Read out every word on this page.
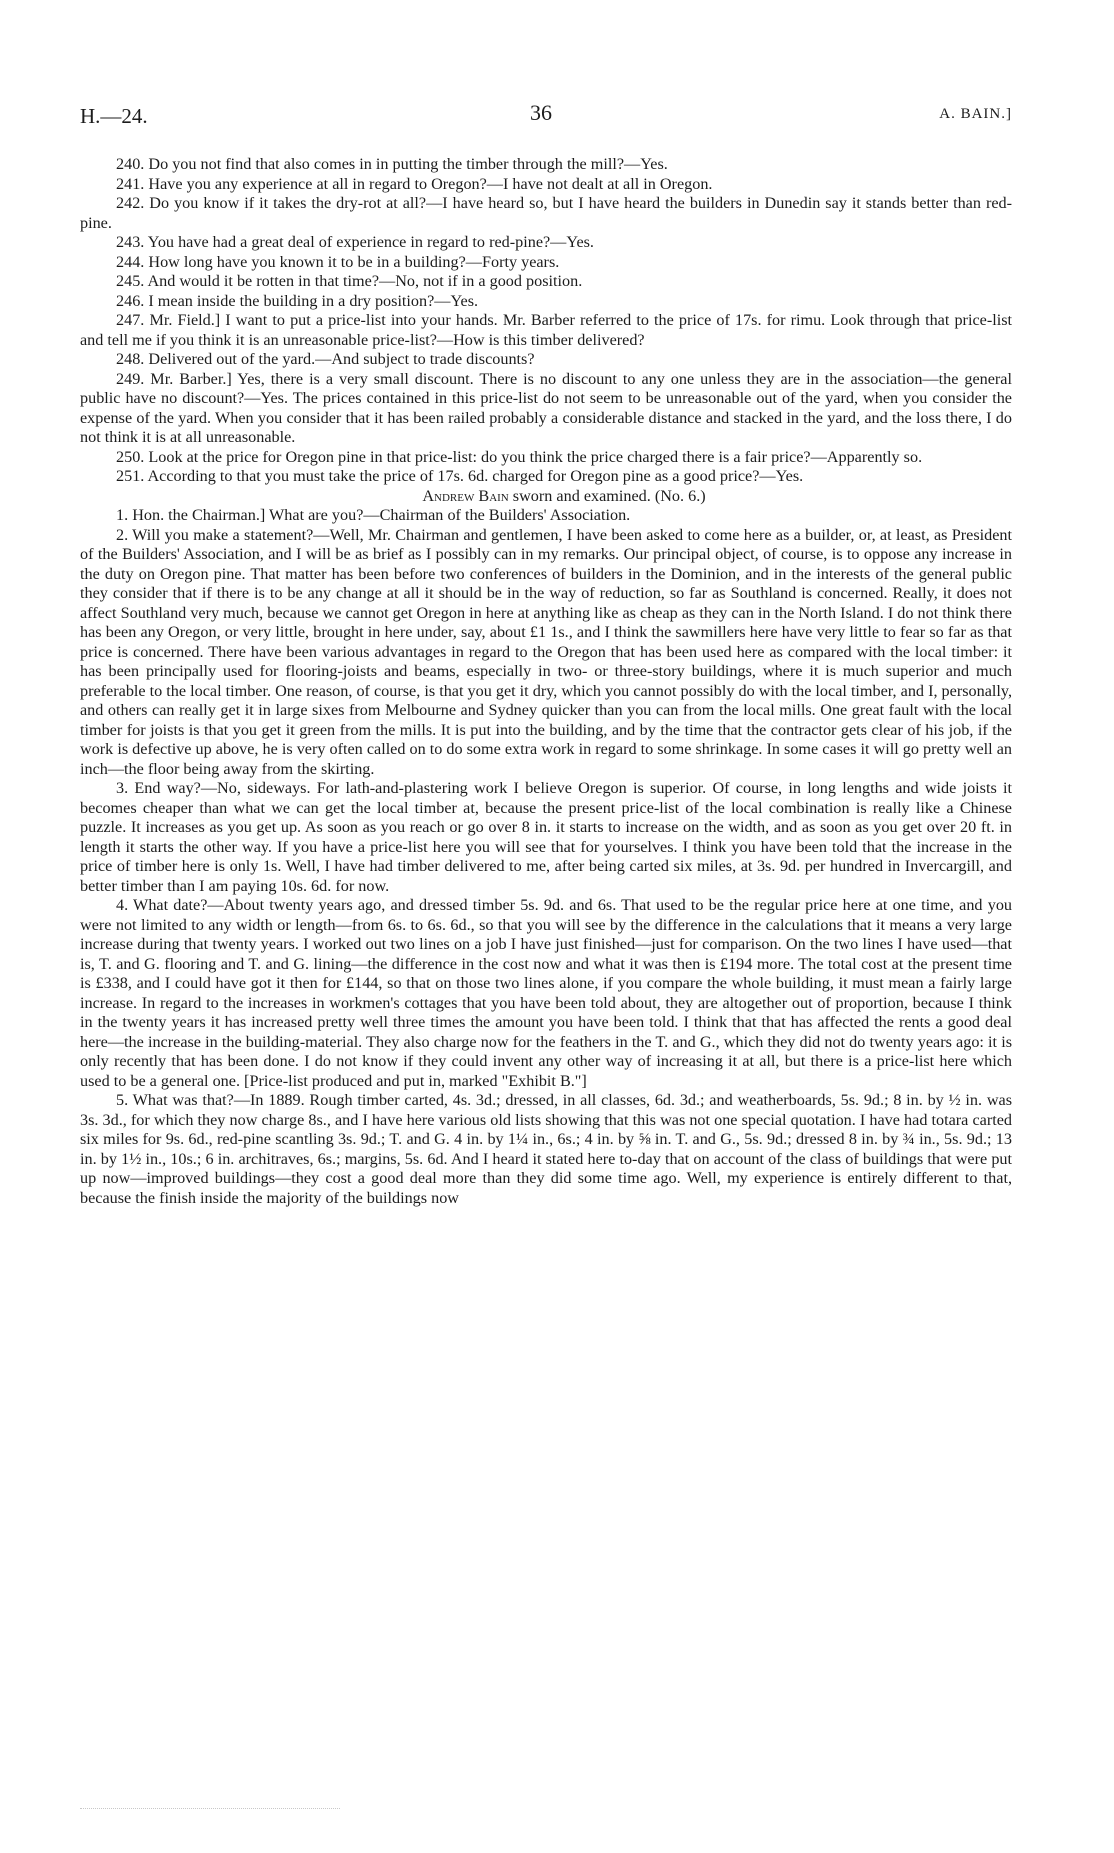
H.—24.	36	A. BAIN.]

240. Do you not find that also comes in in putting the timber through the mill?—Yes.

241. Have you any experience at all in regard to Oregon?—I have not dealt at all in Oregon.

242. Do you know if it takes the dry-rot at all?—I have heard so, but I have heard the builders in Dunedin say it stands better than red-pine.

243. You have had a great deal of experience in regard to red-pine?—Yes.

244. How long have you known it to be in a building?—Forty years.

245. And would it be rotten in that time?—No, not if in a good position.

246. I mean inside the building in a dry position?—Yes.

247. Mr. Field.] I want to put a price-list into your hands. Mr. Barber referred to the price of 17s. for rimu. Look through that price-list and tell me if you think it is an unreasonable price-list?—How is this timber delivered?

248. Delivered out of the yard.—And subject to trade discounts?

249. Mr. Barber.] Yes, there is a very small discount. There is no discount to any one unless they are in the association—the general public have no discount?—Yes. The prices contained in this price-list do not seem to be unreasonable out of the yard, when you consider the expense of the yard. When you consider that it has been railed probably a considerable distance and stacked in the yard, and the loss there, I do not think it is at all unreasonable.

250. Look at the price for Oregon pine in that price-list: do you think the price charged there is a fair price?—Apparently so.

251. According to that you must take the price of 17s. 6d. charged for Oregon pine as a good price?—Yes.

Andrew Bain sworn and examined. (No. 6.)

1. Hon. the Chairman.] What are you?—Chairman of the Builders' Association.

2. Will you make a statement?—Well, Mr. Chairman and gentlemen, I have been asked to come here as a builder, or, at least, as President of the Builders' Association, and I will be as brief as I possibly can in my remarks. Our principal object, of course, is to oppose any increase in the duty on Oregon pine. That matter has been before two conferences of builders in the Dominion, and in the interests of the general public they consider that if there is to be any change at all it should be in the way of reduction, so far as Southland is concerned. Really, it does not affect Southland very much, because we cannot get Oregon in here at anything like as cheap as they can in the North Island. I do not think there has been any Oregon, or very little, brought in here under, say, about £1 1s., and I think the sawmillers here have very little to fear so far as that price is concerned. There have been various advantages in regard to the Oregon that has been used here as compared with the local timber: it has been principally used for flooring-joists and beams, especially in two- or three-story buildings, where it is much superior and much preferable to the local timber. One reason, of course, is that you get it dry, which you cannot possibly do with the local timber, and I, personally, and others can really get it in large sixes from Melbourne and Sydney quicker than you can from the local mills. One great fault with the local timber for joists is that you get it green from the mills. It is put into the building, and by the time that the contractor gets clear of his job, if the work is defective up above, he is very often called on to do some extra work in regard to some shrinkage. In some cases it will go pretty well an inch—the floor being away from the skirting.

3. End way?—No, sideways. For lath-and-plastering work I believe Oregon is superior. Of course, in long lengths and wide joists it becomes cheaper than what we can get the local timber at, because the present price-list of the local combination is really like a Chinese puzzle. It increases as you get up. As soon as you reach or go over 8 in. it starts to increase on the width, and as soon as you get over 20 ft. in length it starts the other way. If you have a price-list here you will see that for yourselves. I think you have been told that the increase in the price of timber here is only 1s. Well, I have had timber delivered to me, after being carted six miles, at 3s. 9d. per hundred in Invercargill, and better timber than I am paying 10s. 6d. for now.

4. What date?—About twenty years ago, and dressed timber 5s. 9d. and 6s. That used to be the regular price here at one time, and you were not limited to any width or length—from 6s. to 6s. 6d., so that you will see by the difference in the calculations that it means a very large increase during that twenty years. I worked out two lines on a job I have just finished—just for comparison. On the two lines I have used—that is, T. and G. flooring and T. and G. lining—the difference in the cost now and what it was then is £194 more. The total cost at the present time is £338, and I could have got it then for £144, so that on those two lines alone, if you compare the whole building, it must mean a fairly large increase. In regard to the increases in workmen's cottages that you have been told about, they are altogether out of proportion, because I think in the twenty years it has increased pretty well three times the amount you have been told. I think that that has affected the rents a good deal here—the increase in the building-material. They also charge now for the feathers in the T. and G., which they did not do twenty years ago: it is only recently that has been done. I do not know if they could invent any other way of increasing it at all, but there is a price-list here which used to be a general one. [Price-list produced and put in, marked "Exhibit B."]

5. What was that?—In 1889. Rough timber carted, 4s. 3d.; dressed, in all classes, 6d. 3d.; and weatherboards, 5s. 9d.; 8 in. by ½ in. was 3s. 3d., for which they now charge 8s., and I have here various old lists showing that this was not one special quotation. I have had totara carted six miles for 9s. 6d., red-pine scantling 3s. 9d.; T. and G. 4 in. by 1¼ in., 6s.; 4 in. by ⅝ in. T. and G., 5s. 9d.; dressed 8 in. by ¾ in., 5s. 9d.; 13 in. by 1½ in., 10s.; 6 in. architraves, 6s.; margins, 5s. 6d. And I heard it stated here to-day that on account of the class of buildings that were put up now—improved buildings—they cost a good deal more than they did some time ago. Well, my experience is entirely different to that, because the finish inside the majority of the buildings now
